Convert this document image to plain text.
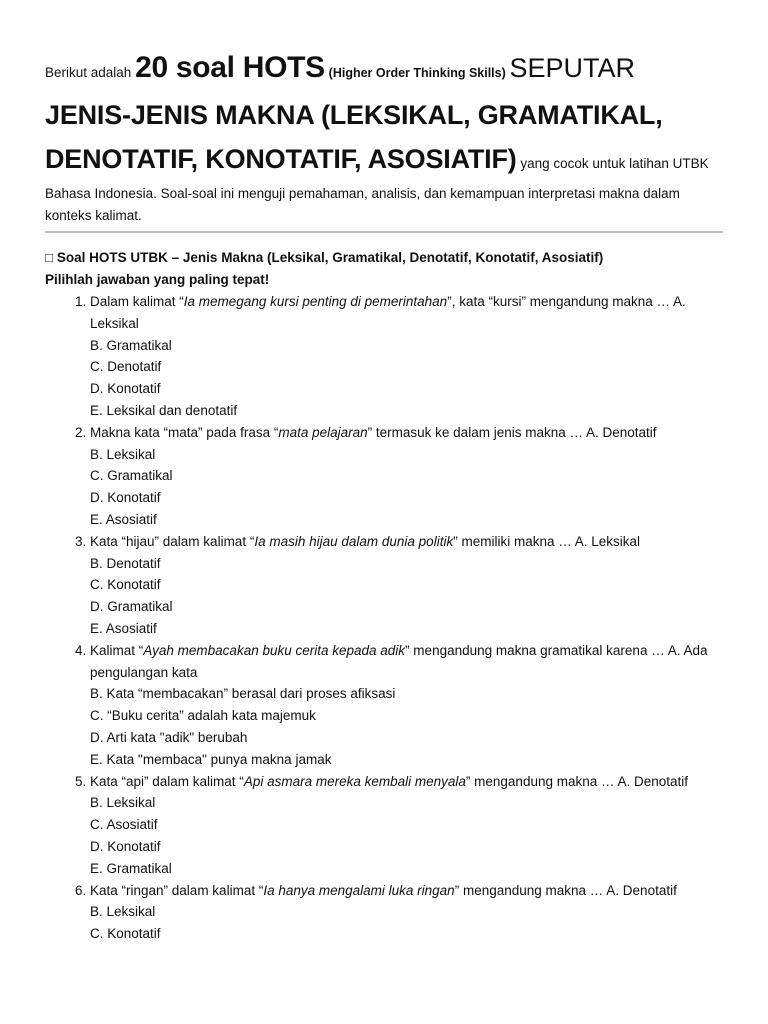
Berikut adalah 20 soal HOTS (Higher Order Thinking Skills) SEPUTAR
JENIS-JENIS MAKNA (LEKSIKAL, GRAMATIKAL,
DENOTATIF, KONOTATIF, ASOSIATIF) yang cocok untuk latihan UTBK
Bahasa Indonesia. Soal-soal ini menguji pemahaman, analisis, dan kemampuan interpretasi makna dalam konteks kalimat.
□ Soal HOTS UTBK – Jenis Makna (Leksikal, Gramatikal, Denotatif, Konotatif, Asosiatif)
Pilihlah jawaban yang paling tepat!
1. Dalam kalimat “Ia memegang kursi penting di pemerintahan”, kata “kursi” mengandung makna … A. Leksikal
B. Gramatikal
C. Denotatif
D. Konotatif
E. Leksikal dan denotatif
2. Makna kata “mata” pada frasa “mata pelajaran” termasuk ke dalam jenis makna … A. Denotatif
B. Leksikal
C. Gramatikal
D. Konotatif
E. Asosiatif
3. Kata “hijau” dalam kalimat “Ia masih hijau dalam dunia politik” memiliki makna … A. Leksikal
B. Denotatif
C. Konotatif
D. Gramatikal
E. Asosiatif
4. Kalimat “Ayah membacakan buku cerita kepada adik” mengandung makna gramatikal karena … A. Ada pengulangan kata
B. Kata “membacakan” berasal dari proses afiksasi
C. “Buku cerita” adalah kata majemuk
D. Arti kata "adik" berubah
E. Kata "membaca" punya makna jamak
5. Kata “api” dalam kalimat “Api asmara mereka kembali menyala” mengandung makna … A. Denotatif
B. Leksikal
C. Asosiatif
D. Konotatif
E. Gramatikal
6. Kata “ringan” dalam kalimat “Ia hanya mengalami luka ringan” mengandung makna … A. Denotatif
B. Leksikal
C. Konotatif
